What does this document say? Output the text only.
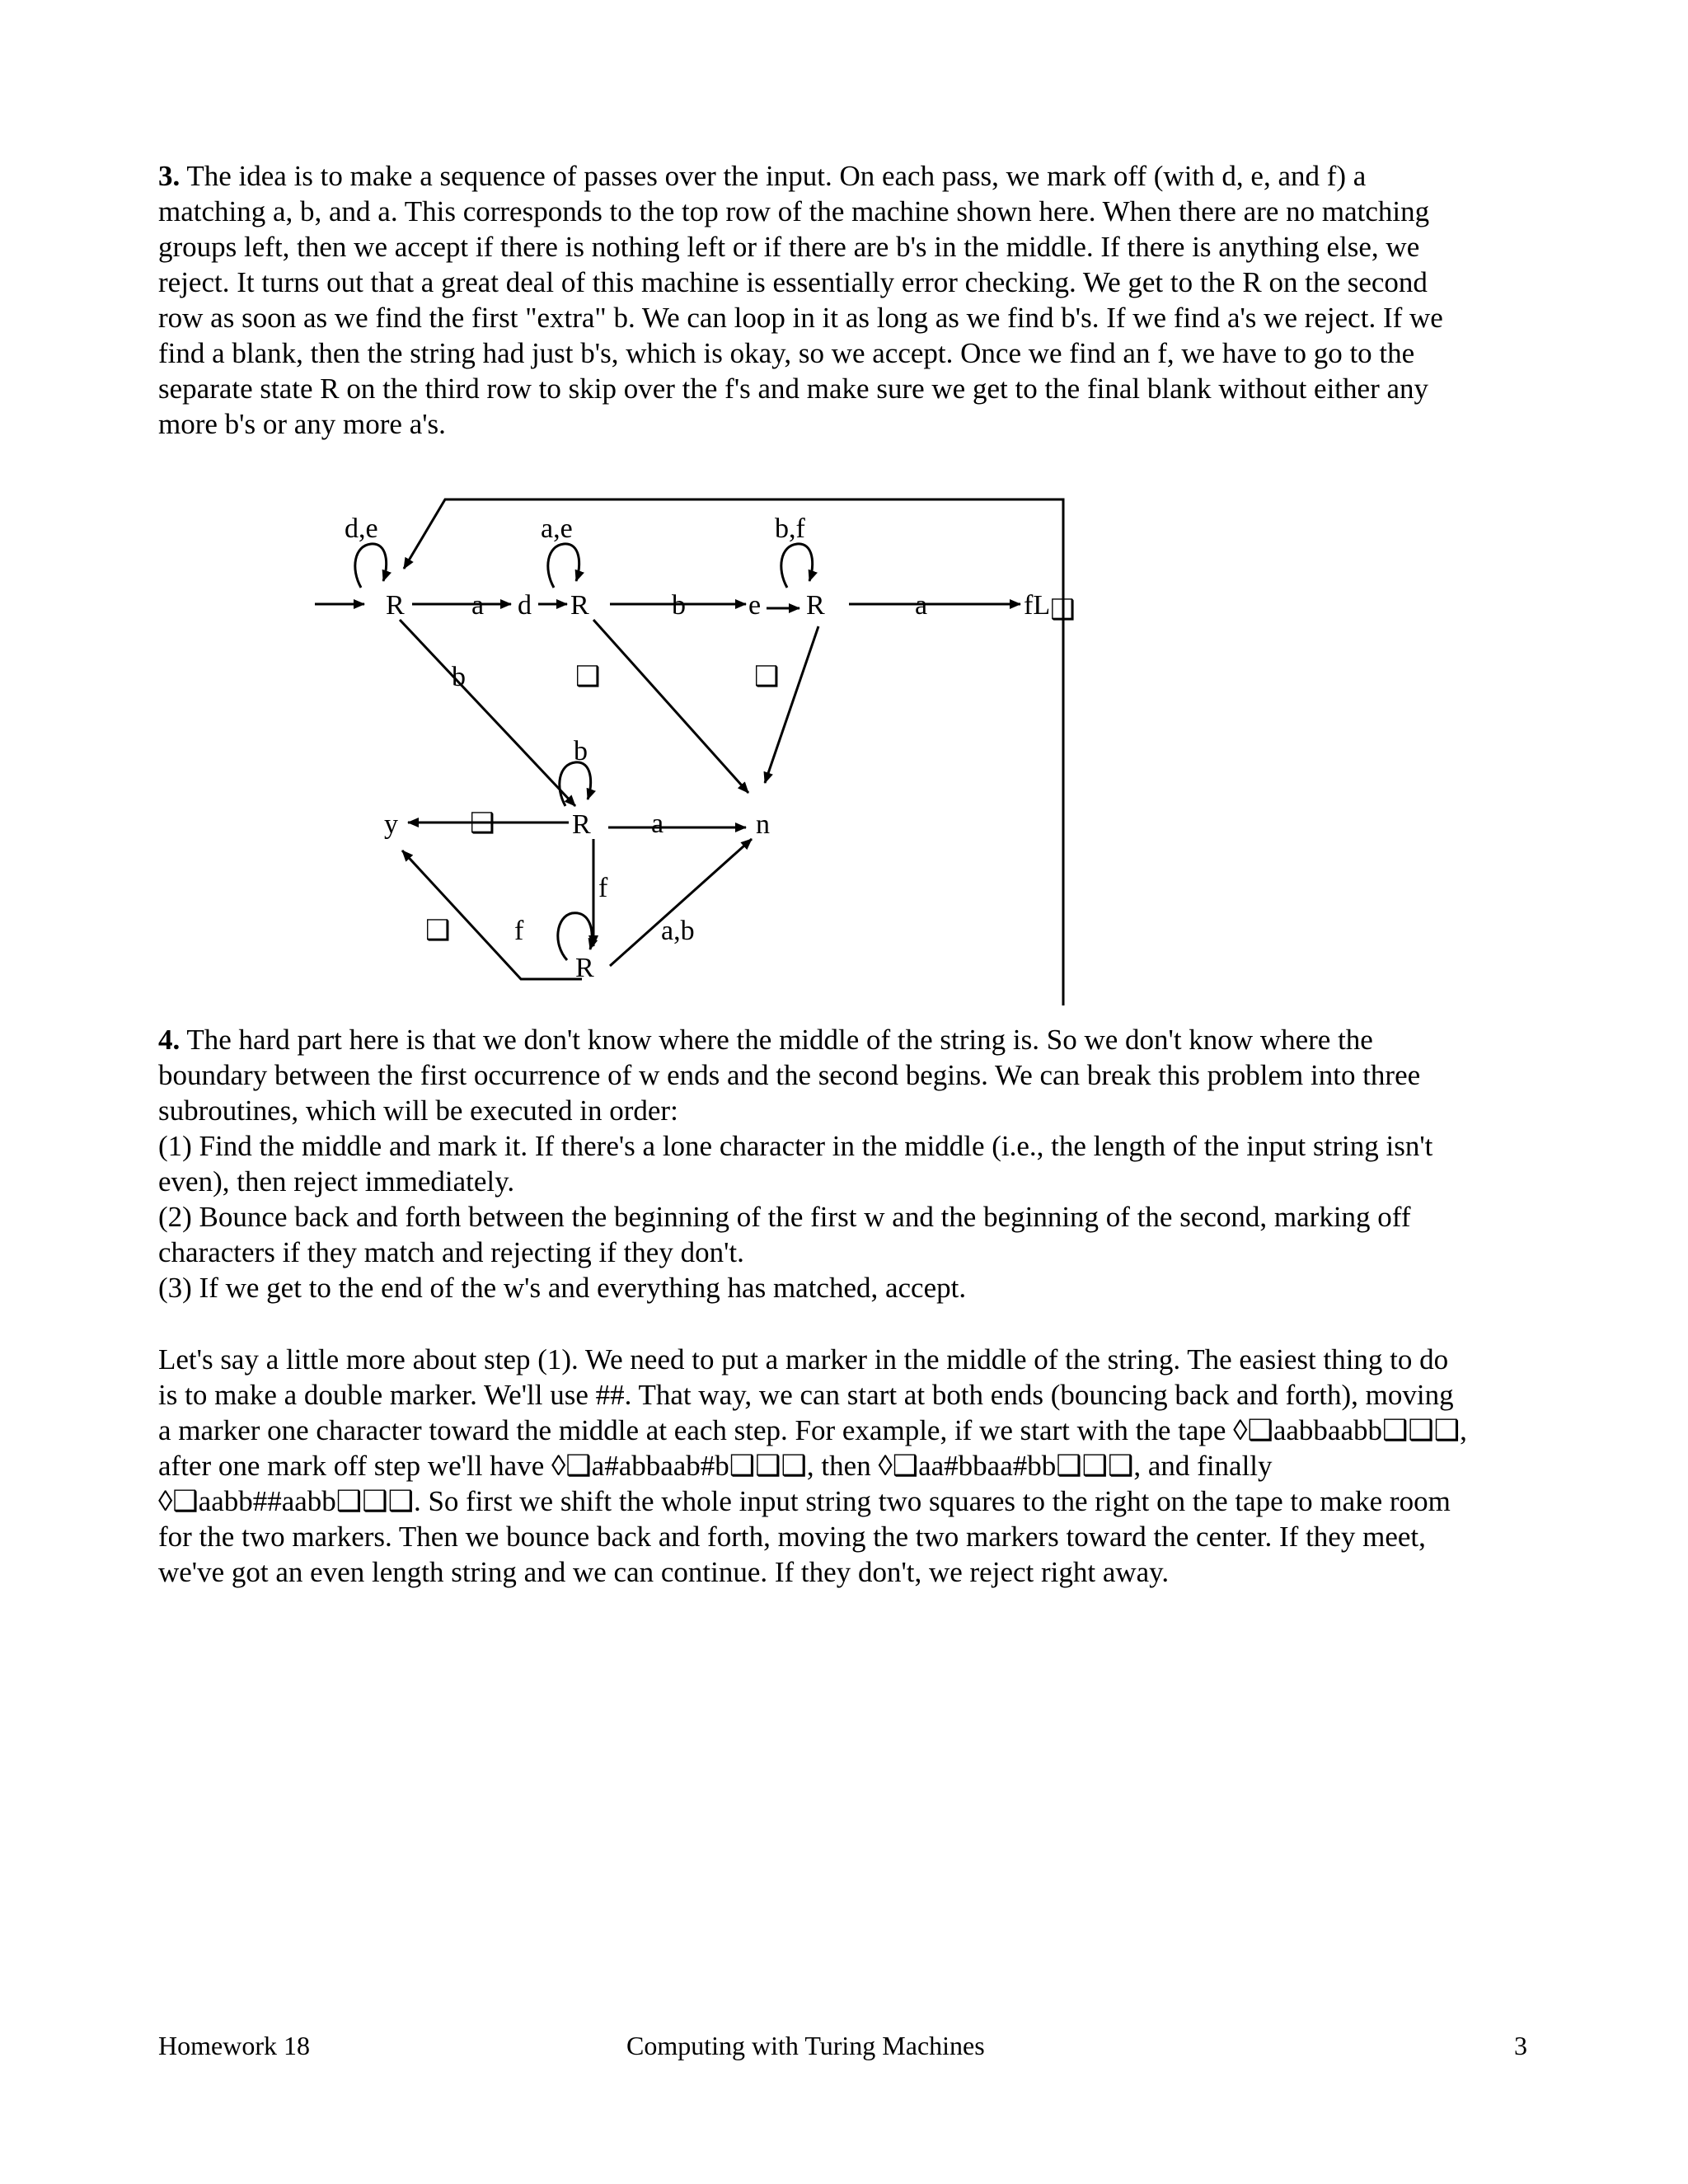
3. The idea is to make a sequence of passes over the input. On each pass, we mark off (with d, e, and f) a
matching a, b, and a. This corresponds to the top row of the machine shown here. When there are no matching
groups left, then we accept if there is nothing left or if there are b's in the middle. If there is anything else, we
reject. It turns out that a great deal of this machine is essentially error checking. We get to the R on the second
row as soon as we find the first "extra" b. We can loop in it as long as we find b's. If we find a's we reject. If we
find a blank, then the string had just b's, which is okay, so we accept. Once we find an f, we have to go to the
separate state R on the third row to skip over the f's and make sure we get to the final blank without either any
more b's or any more a's.
d,e	a,e	b,f
b
f
R	d R	e R	fL❑
y	R	n
R
a	b	a
b	❑	❑
❑	a
f
❑	a,b
4. The hard part here is that we don't know where the middle of the string is. So we don't know where the
boundary between the first occurrence of w ends and the second begins. We can break this problem into three
subroutines, which will be executed in order:
(1) Find the middle and mark it. If there's a lone character in the middle (i.e., the length of the input string isn't
even), then reject immediately.
(2) Bounce back and forth between the beginning of the first w and the beginning of the second, marking off
characters if they match and rejecting if they don't.
(3) If we get to the end of the w's and everything has matched, accept.
Let's say a little more about step (1). We need to put a marker in the middle of the string. The easiest thing to do
is to make a double marker. We'll use ##. That way, we can start at both ends (bouncing back and forth), moving
a marker one character toward the middle at each step. For example, if we start with the tape ◊❑aabbaabb❑❑❑,
after one mark off step we'll have ◊❑a#abbaab#b❑❑❑, then ◊❑aa#bbaa#bb❑❑❑, and finally
◊❑aabb##aabb❑❑❑. So first we shift the whole input string two squares to the right on the tape to make room
for the two markers. Then we bounce back and forth, moving the two markers toward the center. If they meet,
we've got an even length string and we can continue. If they don't, we reject right away.
Homework 18	Computing with Turing Machines	3
